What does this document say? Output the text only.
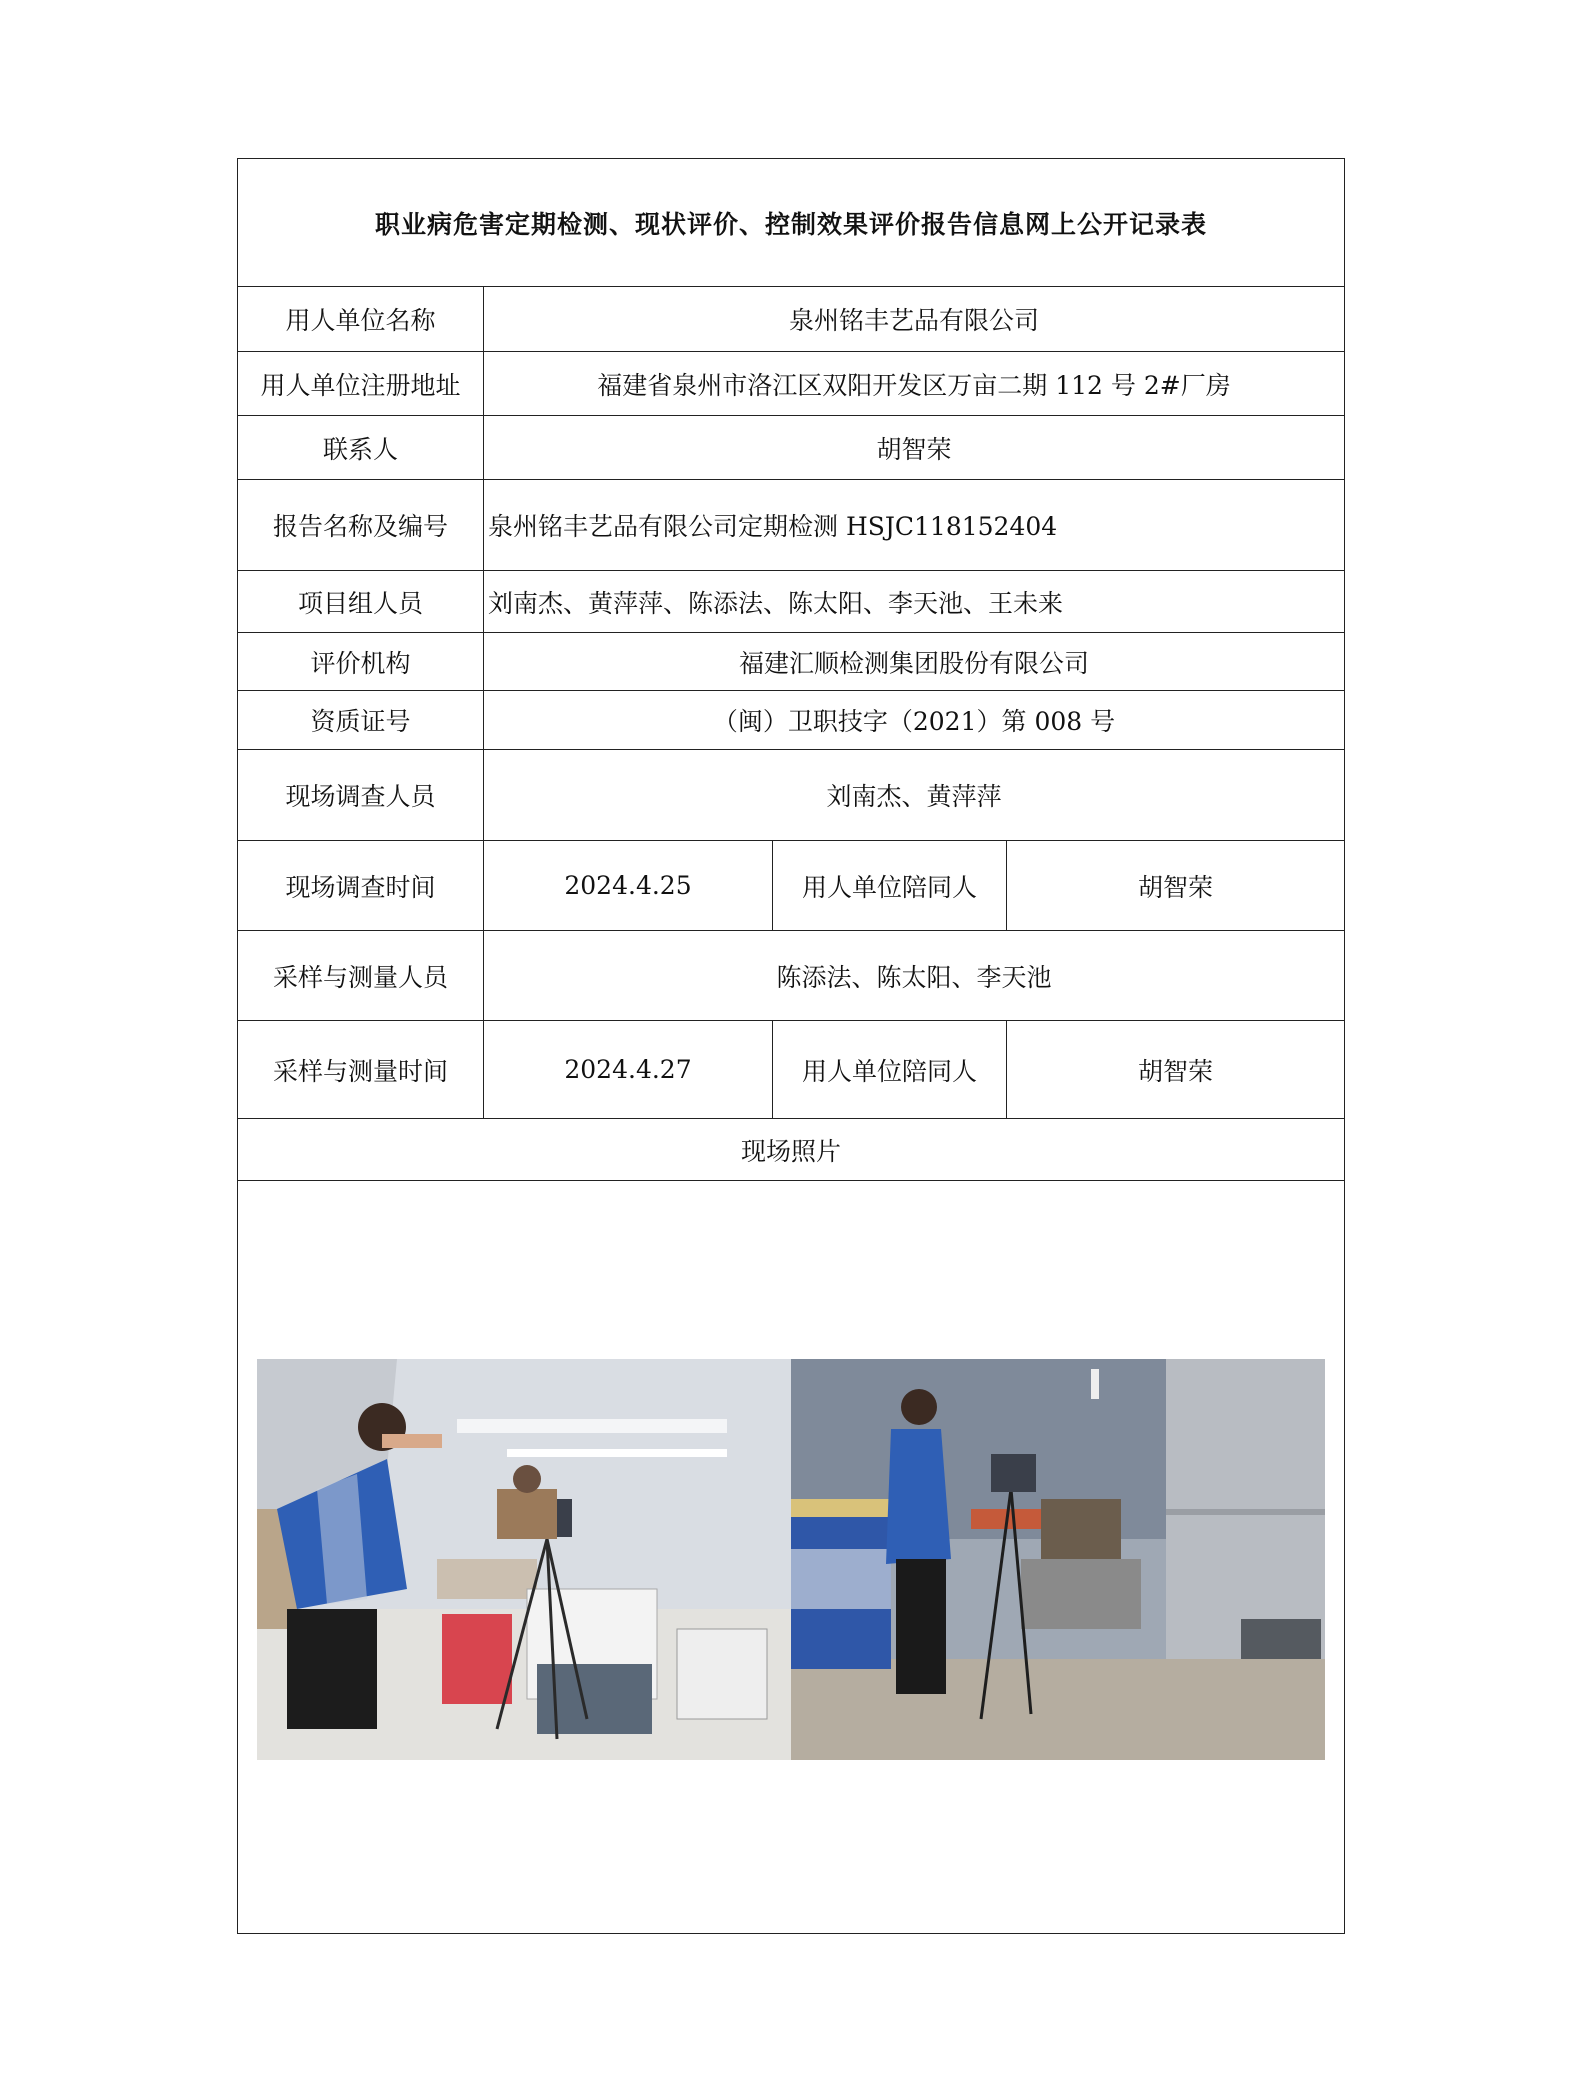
职业病危害定期检测、现状评价、控制效果评价报告信息网上公开记录表			
用人单位名称	泉州铭丰艺品有限公司		
用人单位注册地址	福建省泉州市洛江区双阳开发区万亩二期 112 号 2#厂房		
联系人	胡智荣		
报告名称及编号	泉州铭丰艺品有限公司定期检测 HSJC118152404		
项目组人员	刘南杰、黄萍萍、陈添法、陈太阳、李天池、王未来		
评价机构	福建汇顺检测集团股份有限公司		
资质证号	（闽）卫职技字（2021）第 008 号		
现场调查人员	刘南杰、黄萍萍		
现场调查时间	2024.4.25	用人单位陪同人	胡智荣
采样与测量人员	陈添法、陈太阳、李天池		
采样与测量时间	2024.4.27	用人单位陪同人	胡智荣
现场照片			
